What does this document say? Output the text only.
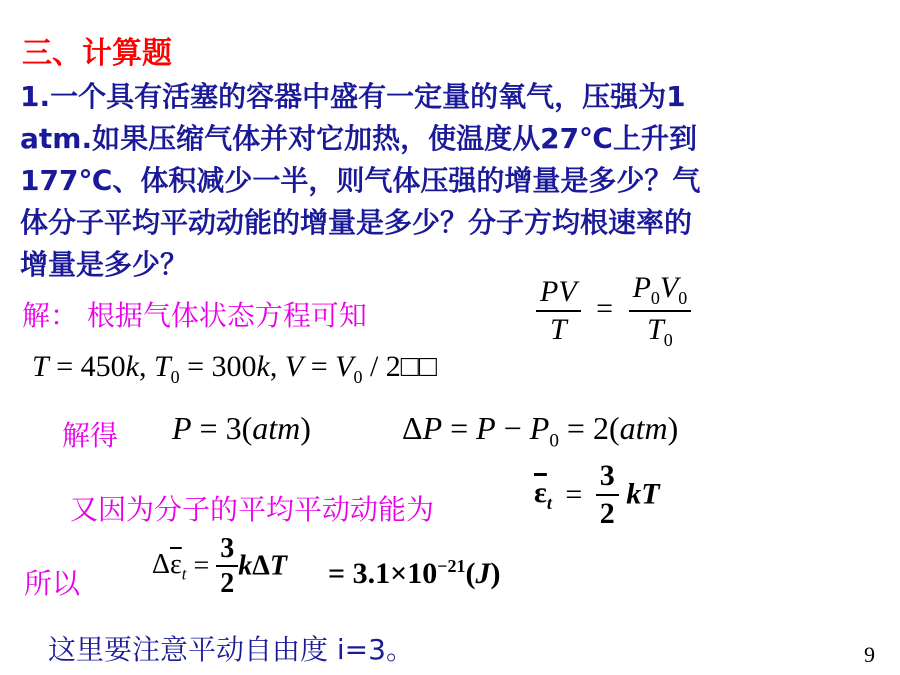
三、计算题
1.一个具有活塞的容器中盛有一定量的氧气，压强为1
atm.如果压缩气体并对它加热，使温度从27℃上升到
177℃、体积减少一半，则气体压强的增量是多少？气
体分子平均平动动能的增量是多少？分子方均根速率的
增量是多少？
解： 根据气体状态方程可知	$\frac{PV}{T} = \frac{P_0V_0}{T_0}$
T = 450k, $T_0 = 300k$, $V = V_0$ / 2□□
解得 P = 3(atm)	$\Delta P = P - P_0 = 2(atm)$
又因为分子的平均平动动能为
$\overline{\varepsilon}_t = \frac{3}{2}$ kT
所以
$\Delta\overline{\varepsilon}_t = \frac{3}{2}$ $k\Delta T = 3.1\times 10^{-21}(J)$
这里要注意平动自由度 i=3。	9
